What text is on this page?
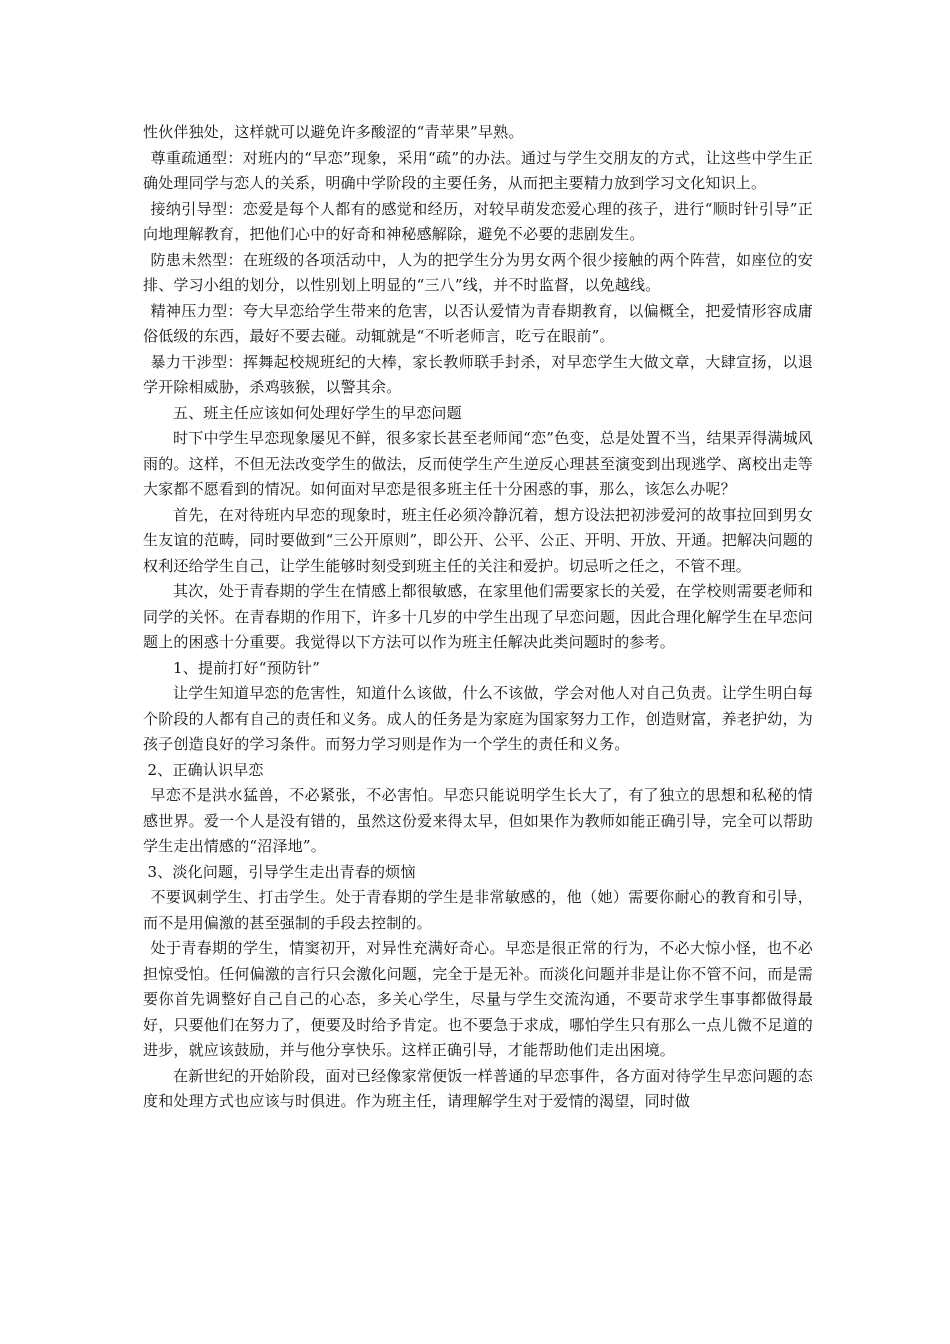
性伙伴独处，这样就可以避免许多酸涩的“青苹果”早熟。

尊重疏通型：对班内的“早恋”现象，采用“疏”的办法。通过与学生交朋友的方式，让这些中学生正确处理同学与恋人的关系，明确中学阶段的主要任务，从而把主要精力放到学习文化知识上。

接纳引导型：恋爱是每个人都有的感觉和经历，对较早萌发恋爱心理的孩子，进行“顺时针引导”正向地理解教育，把他们心中的好奇和神秘感解除，避免不必要的悲剧发生。

防患未然型：在班级的各项活动中，人为的把学生分为男女两个很少接触的两个阵营，如座位的安排、学习小组的划分，以性别划上明显的“三八”线，并不时监督，以免越线。

精神压力型：夸大早恋给学生带来的危害，以否认爱情为青春期教育，以偏概全，把爱情形容成庸俗低级的东西，最好不要去碰。动辄就是“不听老师言，吃亏在眼前”。

暴力干涉型：挥舞起校规班纪的大棒，家长教师联手封杀，对早恋学生大做文章，大肆宣扬，以退学开除相威胁，杀鸡骇猴，以警其余。

五、班主任应该如何处理好学生的早恋问题

时下中学生早恋现象屡见不鲜，很多家长甚至老师闻“恋”色变，总是处置不当，结果弄得满城风雨的。这样，不但无法改变学生的做法，反而使学生产生逆反心理甚至演变到出现逃学、离校出走等大家都不愿看到的情况。如何面对早恋是很多班主任十分困惑的事，那么，该怎么办呢？

首先，在对待班内早恋的现象时，班主任必须冷静沉着，想方设法把初涉爱河的故事拉回到男女生友谊的范畴，同时要做到“三公开原则”，即公开、公平、公正、开明、开放、开通。把解决问题的权利还给学生自己，让学生能够时刻受到班主任的关注和爱护。切忌听之任之，不管不理。

其次，处于青春期的学生在情感上都很敏感，在家里他们需要家长的关爱，在学校则需要老师和同学的关怀。在青春期的作用下，许多十几岁的中学生出现了早恋问题，因此合理化解学生在早恋问题上的困惑十分重要。我觉得以下方法可以作为班主任解决此类问题时的参考。

1、提前打好“预防针”

让学生知道早恋的危害性，知道什么该做，什么不该做，学会对他人对自己负责。让学生明白每个阶段的人都有自己的责任和义务。成人的任务是为家庭为国家努力工作，创造财富，养老护幼，为孩子创造良好的学习条件。而努力学习则是作为一个学生的责任和义务。

2、正确认识早恋

早恋不是洪水猛兽，不必紧张，不必害怕。早恋只能说明学生长大了，有了独立的思想和私秘的情感世界。爱一个人是没有错的，虽然这份爱来得太早，但如果作为教师如能正确引导，完全可以帮助学生走出情感的“沼泽地”。

3、淡化问题，引导学生走出青春的烦恼

不要讽刺学生、打击学生。处于青春期的学生是非常敏感的，他（她）需要你耐心的教育和引导，而不是用偏激的甚至强制的手段去控制的。

处于青春期的学生，情窦初开，对异性充满好奇心。早恋是很正常的行为，不必大惊小怪，也不必担惊受怕。任何偏激的言行只会激化问题，完全于是无补。而淡化问题并非是让你不管不问，而是需要你首先调整好自己自己的心态，多关心学生，尽量与学生交流沟通，不要苛求学生事事都做得最好，只要他们在努力了，便要及时给予肯定。也不要急于求成，哪怕学生只有那么一点儿微不足道的进步，就应该鼓励，并与他分享快乐。这样正确引导，才能帮助他们走出困境。

在新世纪的开始阶段，面对已经像家常便饭一样普通的早恋事件，各方面对待学生早恋问题的态度和处理方式也应该与时俱进。作为班主任，请理解学生对于爱情的渴望，同时做
